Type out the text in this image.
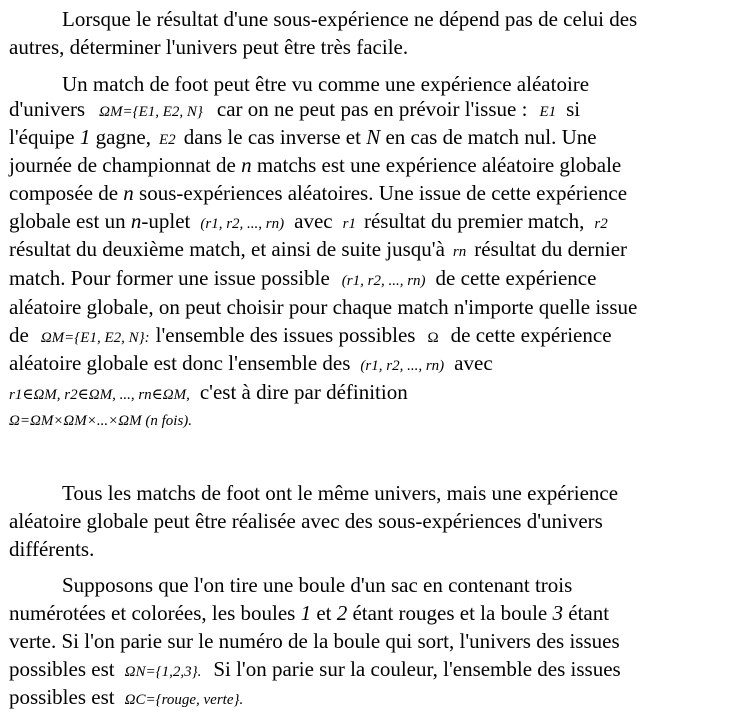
Lorsque le résultat d'une sous-expérience ne dépend pas de celui des
autres, déterminer l'univers peut être très facile.
Un match de foot peut être vu comme une expérience aléatoire
d'univers ΩM={E1, E2, N} car on ne peut pas en prévoir l'issue : E1 si
l'équipe 1 gagne, E2 dans le cas inverse et N en cas de match nul. Une
journée de championnat de n matchs est une expérience aléatoire globale
composée de n sous-expériences aléatoires. Une issue de cette expérience
globale est un n-uplet (r1, r2, ..., rn) avec r1 résultat du premier match, r2
résultat du deuxième match, et ainsi de suite jusqu'à rn résultat du dernier
match. Pour former une issue possible (r1, r2, ..., rn) de cette expérience
aléatoire globale, on peut choisir pour chaque match n'importe quelle issue
de ΩM={E1, E2, N}: l'ensemble des issues possibles Ω de cette expérience
aléatoire globale est donc l'ensemble des (r1, r2, ..., rn) avec
r1∈ΩM, r2∈ΩM, ..., rn∈ΩM, c'est à dire par définition
Ω=ΩM×ΩM×...×ΩM (n fois).
Tous les matchs de foot ont le même univers, mais une expérience
aléatoire globale peut être réalisée avec des sous-expériences d'univers
différents.
Supposons que l'on tire une boule d'un sac en contenant trois
numérotées et colorées, les boules 1 et 2 étant rouges et la boule 3 étant
verte. Si l'on parie sur le numéro de la boule qui sort, l'univers des issues
possibles est ΩN={1,2,3}. Si l'on parie sur la couleur, l'ensemble des issues
possibles est ΩC={rouge, verte}.
